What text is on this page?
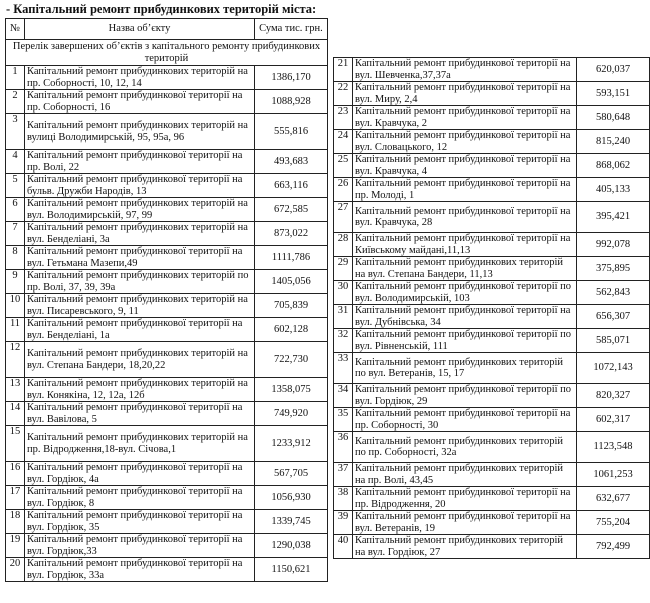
- Капітальний ремонт прибудинкових територій міста:
№	Назва об’єкту	Сума тис. грн.
Перелік завершених об’єктів з капітального ремонту прибудинкових територій		
1	Капітальний ремонт прибудинкових територій на пр. Соборності, 10, 12, 14	1386,170
2	Капітальний ремонт прибудинкової території на пр. Соборності, 16	1088,928
3	Капітальний ремонт прибудинкових територій на вулиці Володимирській, 95, 95а, 96	555,816
4	Капітальний ремонт прибудинкової території на пр. Волі, 22	493,683
5	Капітальний ремонт прибудинкової території на бульв. Дружби Народів, 13	663,116
6	Капітальний ремонт прибудинкових територій на вул. Володимирській, 97, 99	672,585
7	Капітальний ремонт прибудинкових територій на вул. Бенделіані, 3а	873,022
8	Капітальний ремонт прибудинкової території на вул. Гетьмана Мазепи,49	1111,786
9	Капітальний ремонт прибудинкових територій по пр. Волі, 37, 39, 39а	1405,056
10	Капітальний ремонт прибудинкових територій на вул. Писаревського, 9, 11	705,839
11	Капітальний ремонт прибудинкової території на вул. Бенделіані, 1а	602,128
12	Капітальний ремонт прибудинкових територій на вул. Степана Бандери, 18,20,22	722,730
13	Капітальний ремонт прибудинкових територій на вул. Конякіна, 12, 12а, 12б	1358,075
14	Капітальний ремонт прибудинкової території на вул. Вавілова, 5	749,920
15	Капітальний ремонт прибудинкових територій на пр. Відродження,18-вул. Січова,1	1233,912
16	Капітальний ремонт прибудинкової території на вул. Гордіюк, 4а	567,705
17	Капітальний ремонт прибудинкової території на вул. Гордіюк, 8	1056,930
18	Капітальний ремонт прибудинкової території на вул. Гордіюк, 35	1339,745
19	Капітальний ремонт прибудинкової території на вул. Гордіюк,33	1290,038
20	Капітальний ремонт прибудинкової території на вул. Гордіюк, 33а	1150,621
21	Капітальний ремонт прибудинкової території на вул. Шевченка,37,37а	620,037
22	Капітальний ремонт прибудинкової території на вул. Миру, 2,4	593,151
23	Капітальний ремонт прибудинкової території на вул. Кравчука, 2	580,648
24	Капітальний ремонт прибудинкової території на вул. Словацького, 12	815,240
25	Капітальний ремонт прибудинкової території на вул. Кравчука, 4	868,062
26	Капітальний ремонт прибудинкової території на пр. Молоді, 1	405,133
27	Капітальний ремонт прибудинкової території на вул. Кравчука, 28	395,421
28	Капітальний ремонт прибудинкової території на Київському майдані,11,13	992,078
29	Капітальний ремонт прибудинкових територій на вул. Степана Бандери, 11,13	375,895
30	Капітальний ремонт прибудинкової території по вул. Володимирській, 103	562,843
31	Капітальний ремонт прибудинкової території на вул. Дубнівська, 34	656,307
32	Капітальний ремонт прибудинкової території по вул. Рівненській, 111	585,071
33	Капітальний ремонт прибудинкових територій по вул. Ветеранів, 15, 17	1072,143
34	Капітальний ремонт прибудинкової території по вул. Гордіюк, 29	820,327
35	Капітальний ремонт прибудинкової території на пр. Соборності, 30	602,317
36	Капітальний ремонт прибудинкових територій по пр. Соборності, 32а	1123,548
37	Капітальний ремонт прибудинкових територій на пр. Волі, 43,45	1061,253
38	Капітальний ремонт прибудинкової території на пр. Відродження, 20	632,677
39	Капітальний ремонт прибудинкової території на вул. Ветеранів, 19	755,204
40	Капітальний ремонт прибудинкових територій на вул. Гордіюк, 27	792,499
